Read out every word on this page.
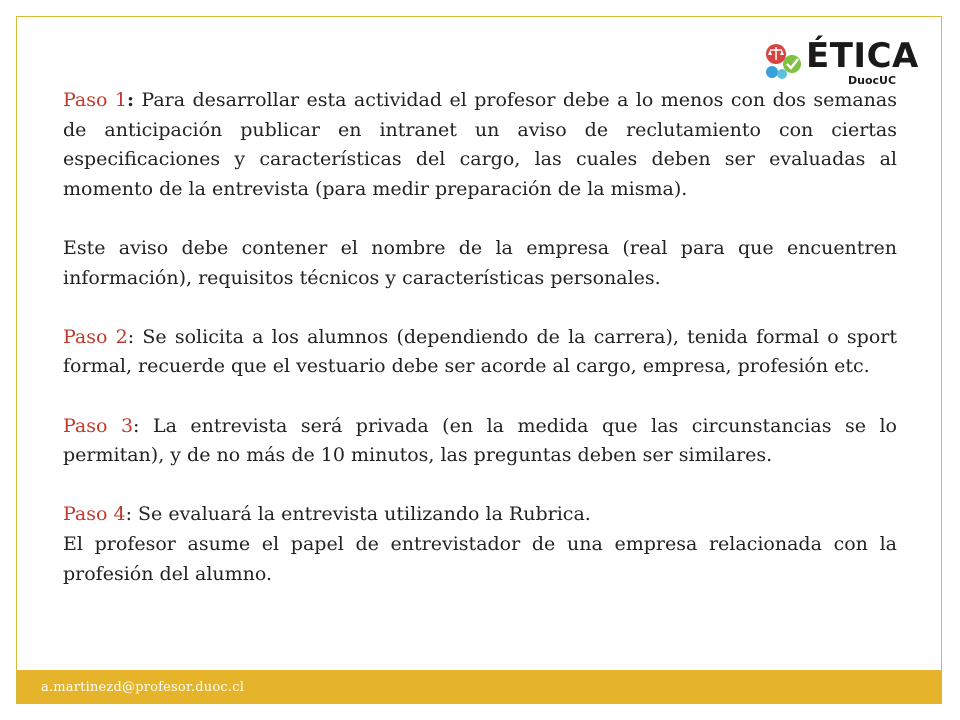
ÉTICA
DuocUC

Paso 1: Para desarrollar esta actividad el profesor debe a lo menos con dos semanas de anticipación publicar en intranet un aviso de reclutamiento con ciertas especificaciones y características del cargo, las cuales deben ser evaluadas al momento de la entrevista (para medir preparación de la misma).

Este aviso debe contener el nombre de la empresa (real para que encuentren información), requisitos técnicos y características personales.

Paso 2: Se solicita a los alumnos (dependiendo de la carrera), tenida formal o sport formal, recuerde que el vestuario debe ser acorde al cargo, empresa, profesión etc.

Paso 3: La entrevista será privada (en la medida que las circunstancias se lo permitan), y de no más de 10 minutos, las preguntas deben ser similares.

Paso 4: Se evaluará la entrevista utilizando la Rubrica.

El profesor asume el papel de entrevistador de una empresa relacionada con la profesión del alumno.

a.martinezd@profesor.duoc.cl
